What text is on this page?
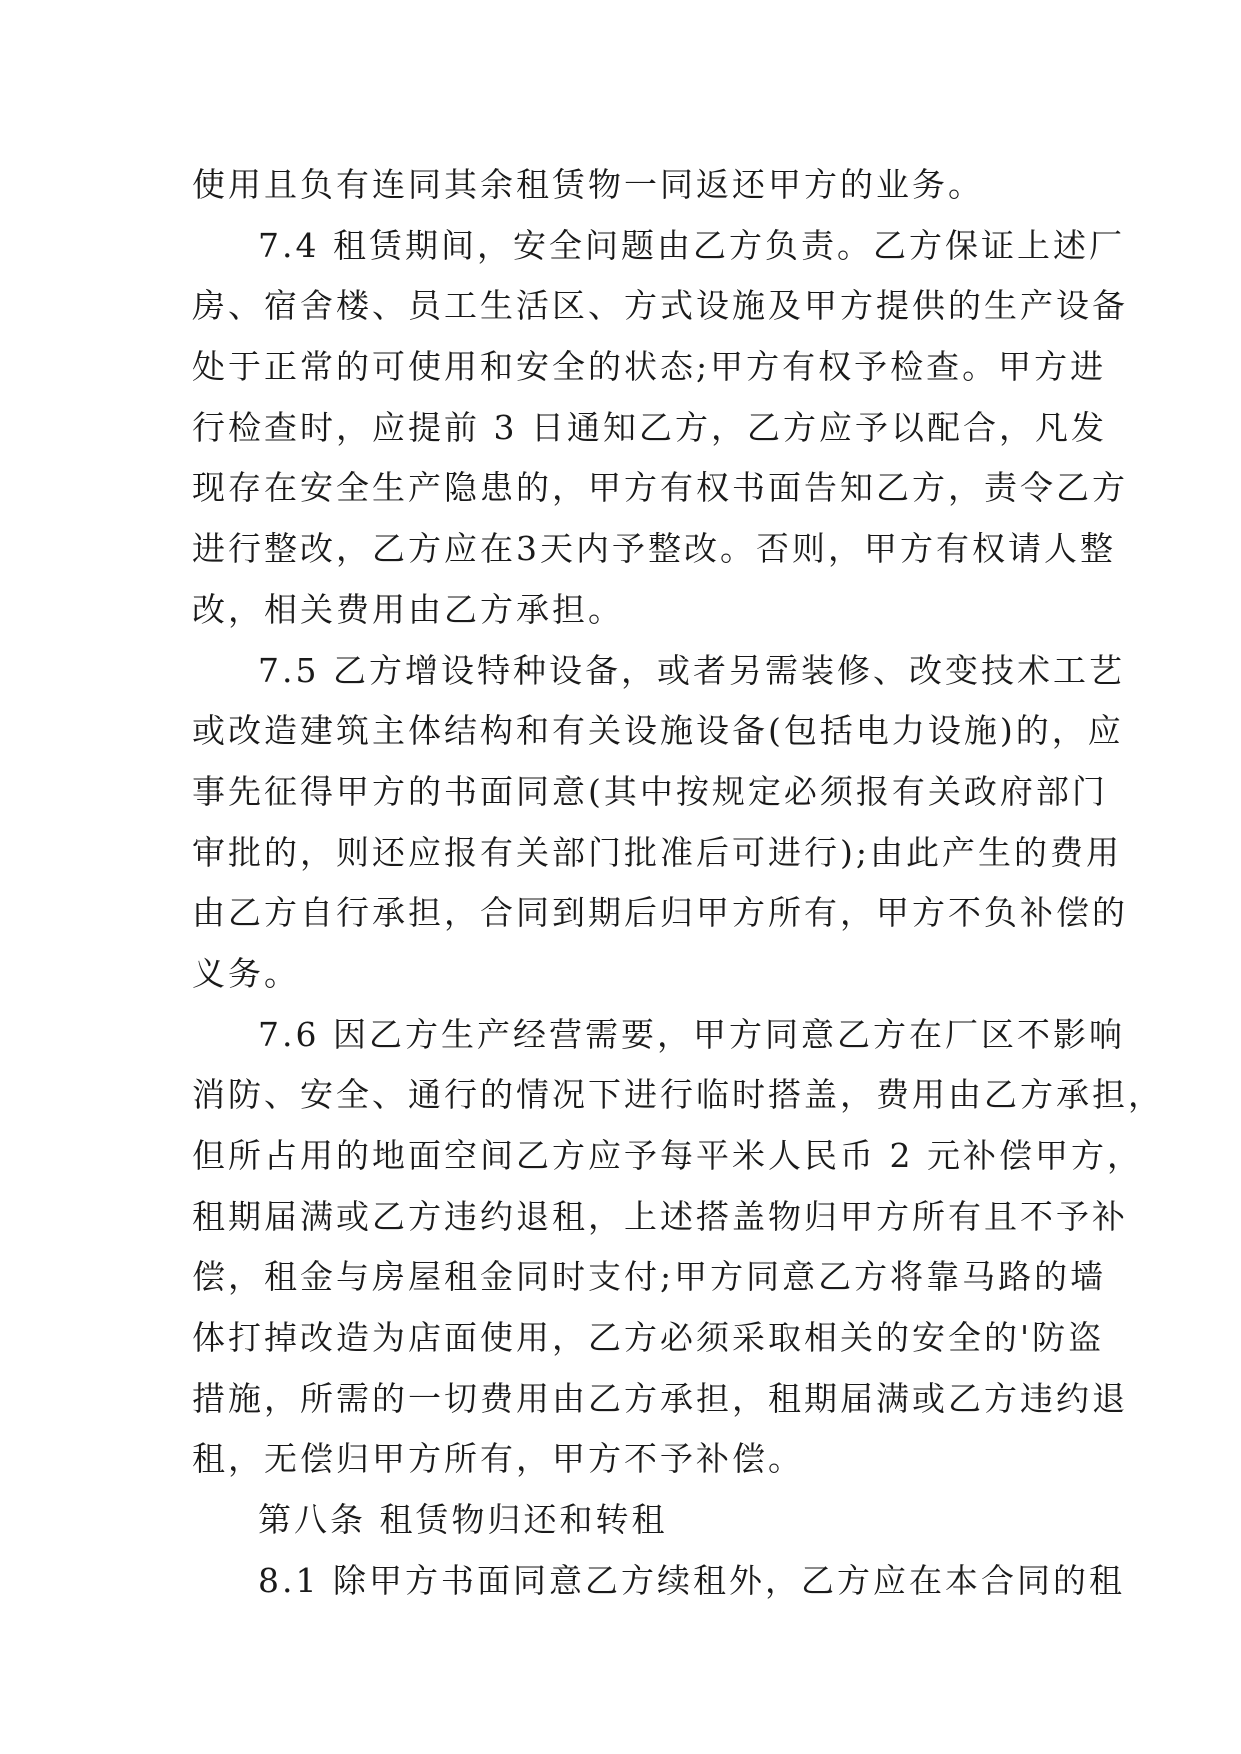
使用且负有连同其余租赁物一同返还甲方的业务。
7.4 租赁期间，安全问题由乙方负责。乙方保证上述厂
房、宿舍楼、员工生活区、方式设施及甲方提供的生产设备
处于正常的可使用和安全的状态;甲方有权予检查。甲方进
行检查时，应提前 3 日通知乙方，乙方应予以配合，凡发
现存在安全生产隐患的，甲方有权书面告知乙方，责令乙方
进行整改，乙方应在3天内予整改。否则，甲方有权请人整
改，相关费用由乙方承担。
7.5 乙方增设特种设备，或者另需装修、改变技术工艺
或改造建筑主体结构和有关设施设备(包括电力设施)的，应
事先征得甲方的书面同意(其中按规定必须报有关政府部门
审批的，则还应报有关部门批准后可进行);由此产生的费用
由乙方自行承担，合同到期后归甲方所有，甲方不负补偿的
义务。
7.6 因乙方生产经营需要，甲方同意乙方在厂区不影响
消防、安全、通行的情况下进行临时搭盖，费用由乙方承担，
但所占用的地面空间乙方应予每平米人民币 2 元补偿甲方，
租期届满或乙方违约退租，上述搭盖物归甲方所有且不予补
偿，租金与房屋租金同时支付;甲方同意乙方将靠马路的墙
体打掉改造为店面使用，乙方必须采取相关的安全的'防盗
措施，所需的一切费用由乙方承担，租期届满或乙方违约退
租，无偿归甲方所有，甲方不予补偿。
第八条 租赁物归还和转租
8.1 除甲方书面同意乙方续租外，乙方应在本合同的租
